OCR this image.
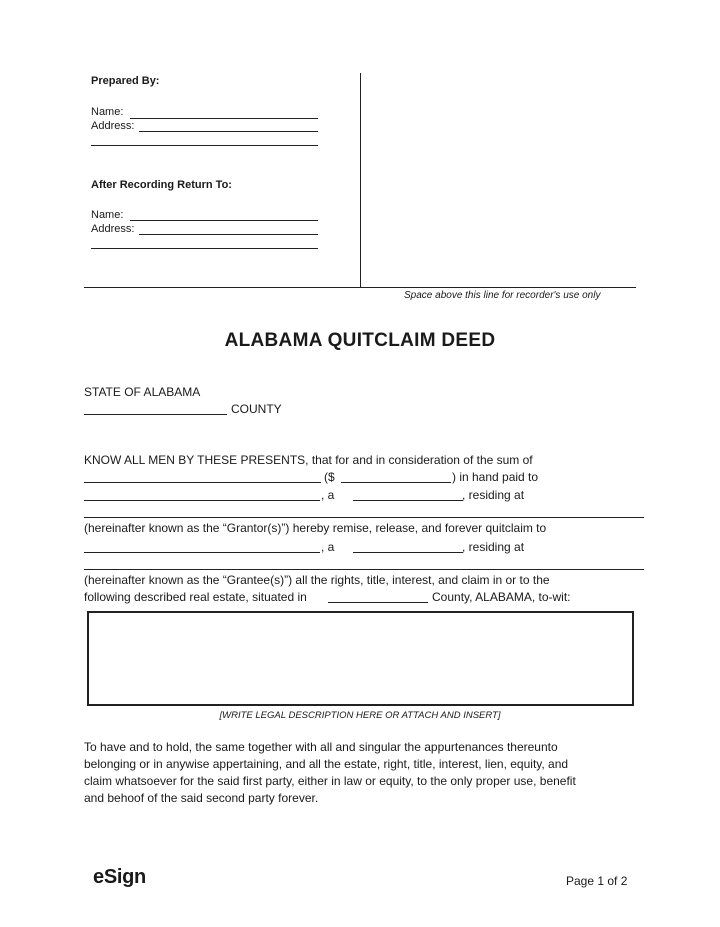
Prepared By:
Name:
Address:
After Recording Return To:
Name:
Address:
Space above this line for recorder's use only
ALABAMA QUITCLAIM DEED
STATE OF ALABAMA
COUNTY
KNOW ALL MEN BY THESE PRESENTS, that for and in consideration of the sum of
($	) in hand paid to
, a	, residing at
(hereinafter known as the “Grantor(s)”) hereby remise, release, and forever quitclaim to
, a	, residing at
(hereinafter known as the “Grantee(s)”) all the rights, title, interest, and claim in or to the
following described real estate, situated in	County, ALABAMA, to-wit:
[WRITE LEGAL DESCRIPTION HERE OR ATTACH AND INSERT]
To have and to hold, the same together with all and singular the appurtenances thereunto
belonging or in anywise appertaining, and all the estate, right, title, interest, lien, equity, and
claim whatsoever for the said first party, either in law or equity, to the only proper use, benefit
and behoof of the said second party forever.
eSign	Page 1 of 2
